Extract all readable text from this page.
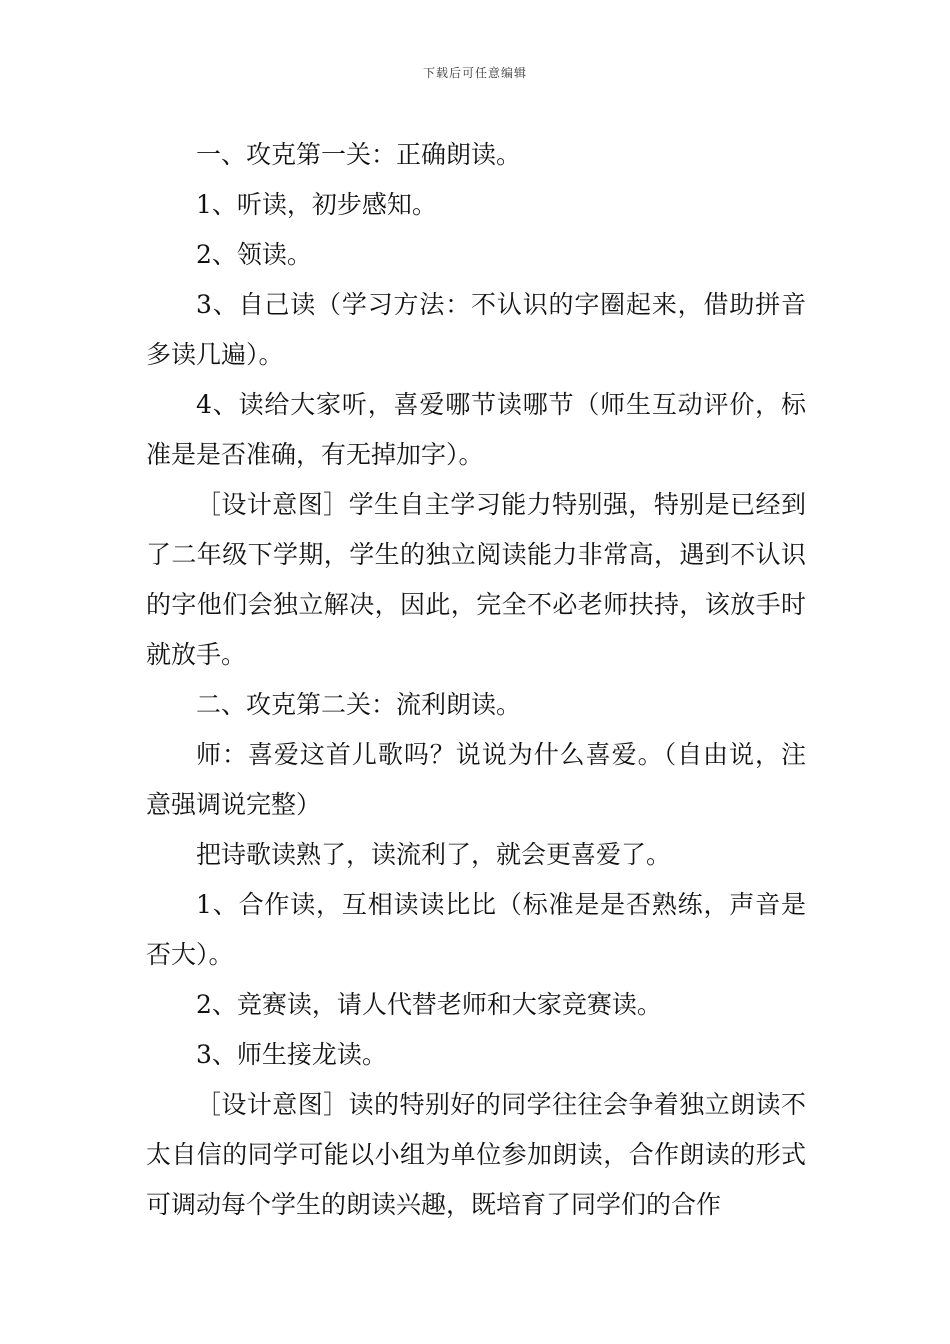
下载后可任意编辑

一、攻克第一关：正确朗读。

1、听读，初步感知。

2、领读。

3、自己读（学习方法：不认识的字圈起来，借助拼音多读几遍）。

4、读给大家听，喜爱哪节读哪节（师生互动评价，标准是是否准确，有无掉加字）。

［设计意图］学生自主学习能力特别强，特别是已经到了二年级下学期，学生的独立阅读能力非常高，遇到不认识的字他们会独立解决，因此，完全不必老师扶持，该放手时就放手。

二、攻克第二关：流利朗读。

师：喜爱这首儿歌吗？说说为什么喜爱。（自由说，注意强调说完整）

把诗歌读熟了，读流利了，就会更喜爱了。

1、合作读，互相读读比比（标准是是否熟练，声音是否大）。

2、竞赛读，请人代替老师和大家竞赛读。

3、师生接龙读。

［设计意图］读的特别好的同学往往会争着独立朗读不太自信的同学可能以小组为单位参加朗读，合作朗读的形式可调动每个学生的朗读兴趣，既培育了同学们的合作
